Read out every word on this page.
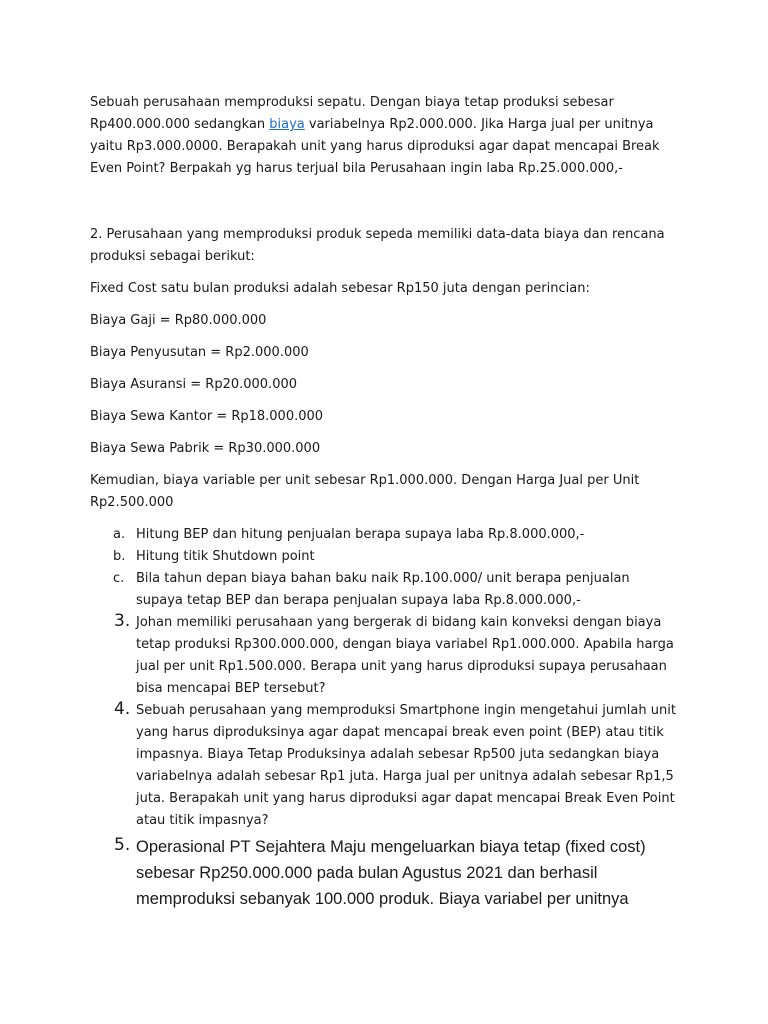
Sebuah perusahaan memproduksi sepatu. Dengan biaya tetap produksi sebesar Rp400.000.000 sedangkan biaya variabelnya Rp2.000.000. Jika Harga jual per unitnya yaitu Rp3.000.0000. Berapakah unit yang harus diproduksi agar dapat mencapai Break Even Point? Berpakah yg harus terjual bila Perusahaan ingin laba Rp.25.000.000,-

2. Perusahaan yang memproduksi produk sepeda memiliki data-data biaya dan rencana produksi sebagai berikut:

Fixed Cost satu bulan produksi adalah sebesar Rp150 juta dengan perincian:

Biaya Gaji = Rp80.000.000

Biaya Penyusutan = Rp2.000.000

Biaya Asuransi = Rp20.000.000

Biaya Sewa Kantor = Rp18.000.000

Biaya Sewa Pabrik = Rp30.000.000

Kemudian, biaya variable per unit sebesar Rp1.000.000. Dengan Harga Jual per Unit Rp2.500.000

a. Hitung BEP dan hitung penjualan berapa supaya laba Rp.8.000.000,-
b. Hitung titik Shutdown point
c. Bila tahun depan biaya bahan baku naik Rp.100.000/ unit berapa penjualan supaya tetap BEP dan berapa penjualan supaya laba Rp.8.000.000,-
3. Johan memiliki perusahaan yang bergerak di bidang kain konveksi dengan biaya tetap produksi Rp300.000.000, dengan biaya variabel Rp1.000.000. Apabila harga jual per unit Rp1.500.000. Berapa unit yang harus diproduksi supaya perusahaan bisa mencapai BEP tersebut?
4. Sebuah perusahaan yang memproduksi Smartphone ingin mengetahui jumlah unit yang harus diproduksinya agar dapat mencapai break even point (BEP) atau titik impasnya. Biaya Tetap Produksinya adalah sebesar Rp500 juta sedangkan biaya variabelnya adalah sebesar Rp1 juta. Harga jual per unitnya adalah sebesar Rp1,5 juta. Berapakah unit yang harus diproduksi agar dapat mencapai Break Even Point atau titik impasnya?
5. Operasional PT Sejahtera Maju mengeluarkan biaya tetap (fixed cost) sebesar Rp250.000.000 pada bulan Agustus 2021 dan berhasil memproduksi sebanyak 100.000 produk. Biaya variabel per unitnya
